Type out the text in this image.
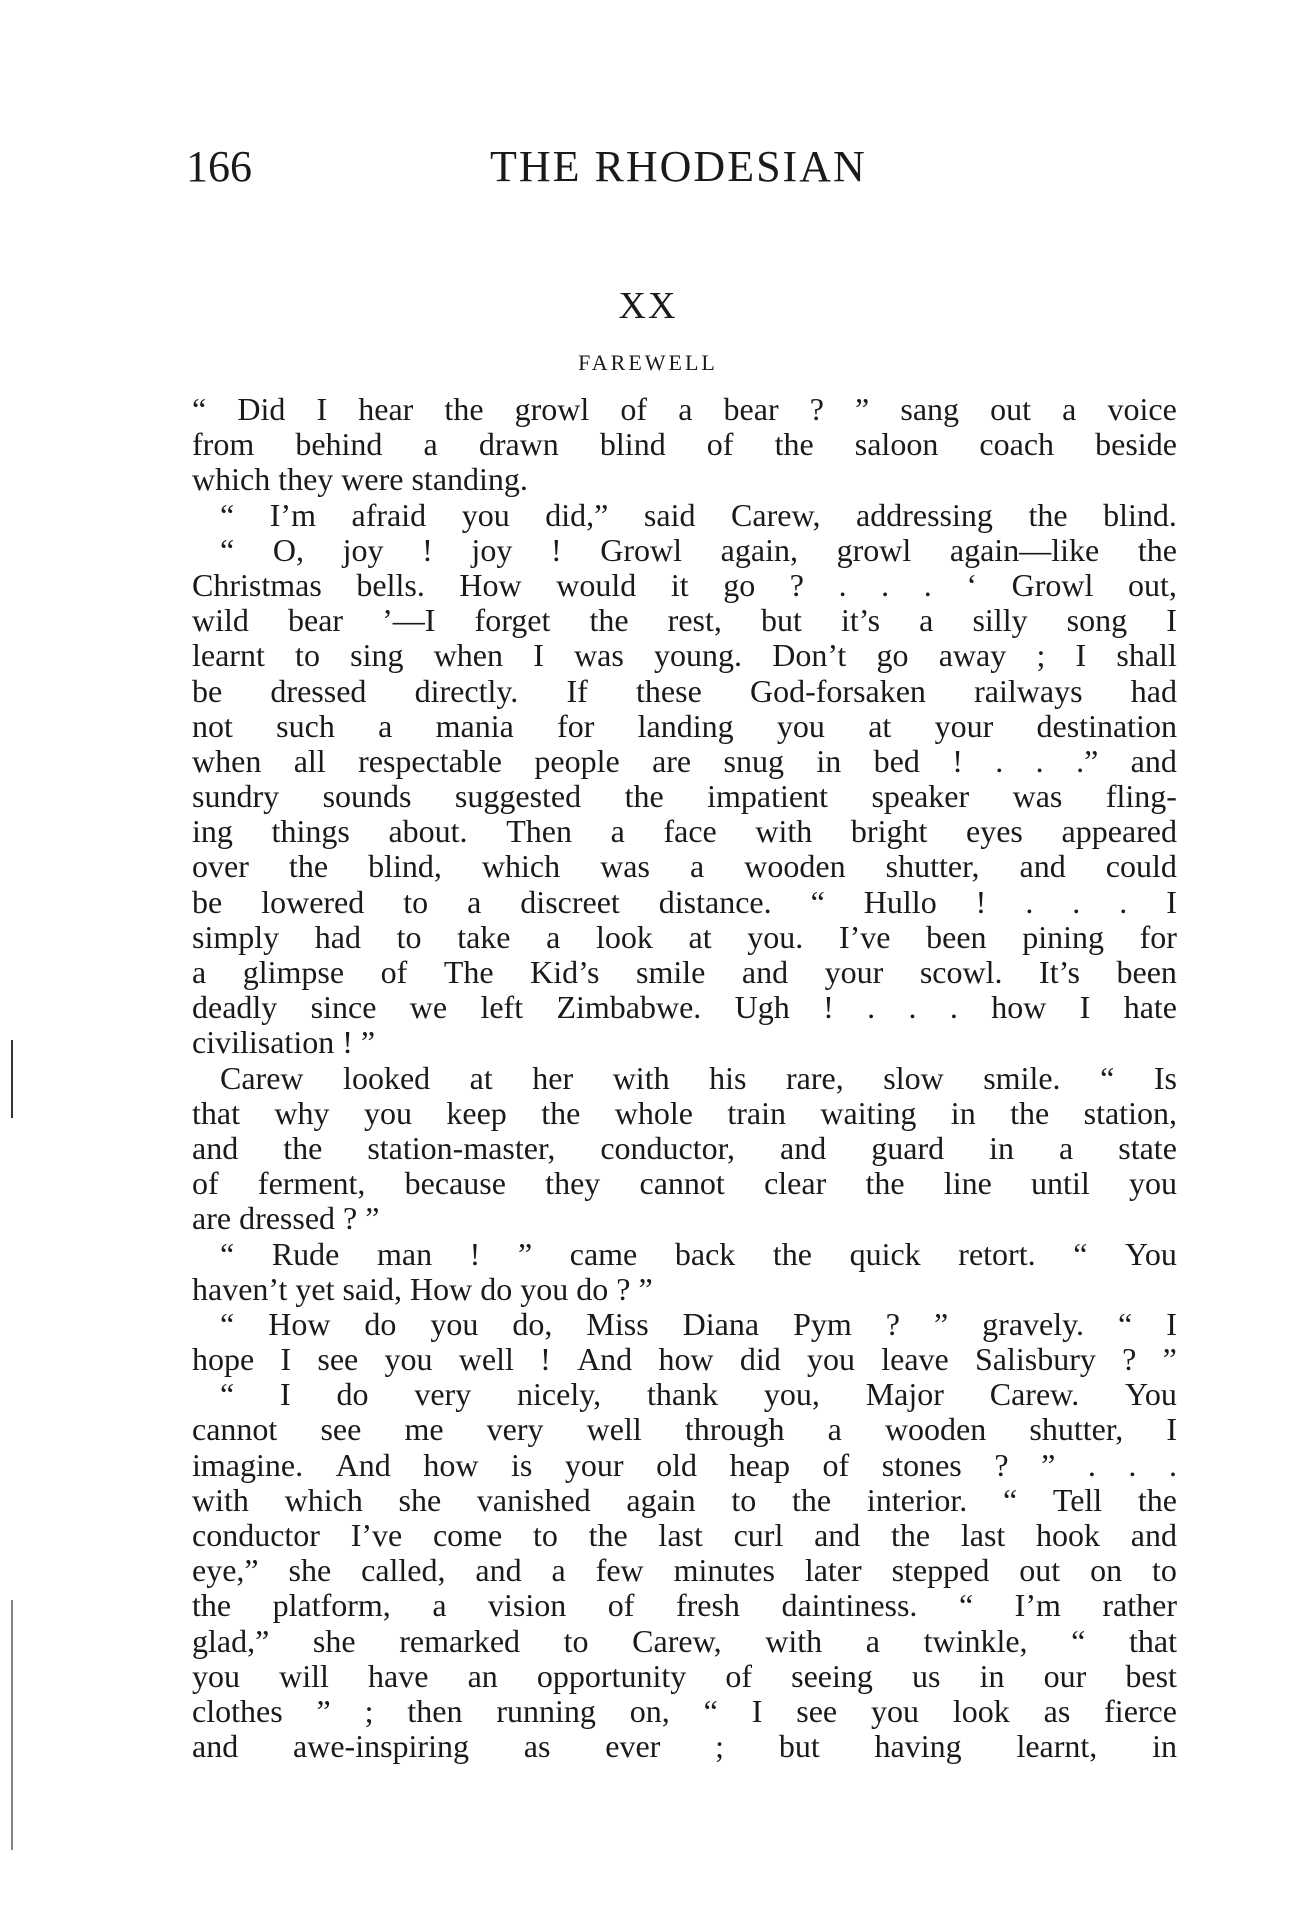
166	THE RHODESIAN
XX
FAREWELL
“ Did I hear the growl of a bear ? ” sang out a voice
from behind a drawn blind of the saloon coach beside
which they were standing.
“ I’m afraid you did,” said Carew, addressing the blind.
“ O, joy ! joy ! Growl again, growl again—like the
Christmas bells. How would it go ? . . . ‘ Growl out,
wild bear ’—I forget the rest, but it’s a silly song I
learnt to sing when I was young. Don’t go away ; I shall
be dressed directly. If these God-forsaken railways had
not such a mania for landing you at your destination
when all respectable people are snug in bed ! . . .” and
sundry sounds suggested the impatient speaker was fling-
ing things about. Then a face with bright eyes appeared
over the blind, which was a wooden shutter, and could
be lowered to a discreet distance. “ Hullo ! . . . I
simply had to take a look at you. I’ve been pining for
a glimpse of The Kid’s smile and your scowl. It’s been
deadly since we left Zimbabwe. Ugh ! . . . how I hate
civilisation ! ”
Carew looked at her with his rare, slow smile. “ Is
that why you keep the whole train waiting in the station,
and the station-master, conductor, and guard in a state
of ferment, because they cannot clear the line until you
are dressed ? ”
“ Rude man ! ” came back the quick retort. “ You
haven’t yet said, How do you do ? ”
“ How do you do, Miss Diana Pym ? ” gravely. “ I
hope I see you well ! And how did you leave Salisbury ? ”
“ I do very nicely, thank you, Major Carew. You
cannot see me very well through a wooden shutter, I
imagine. And how is your old heap of stones ? ” . . .
with which she vanished again to the interior. “ Tell the
conductor I’ve come to the last curl and the last hook and
eye,” she called, and a few minutes later stepped out on to
the platform, a vision of fresh daintiness. “ I’m rather
glad,” she remarked to Carew, with a twinkle, “ that
you will have an opportunity of seeing us in our best
clothes ” ; then running on, “ I see you look as fierce
and awe-inspiring as ever ; but having learnt, in
